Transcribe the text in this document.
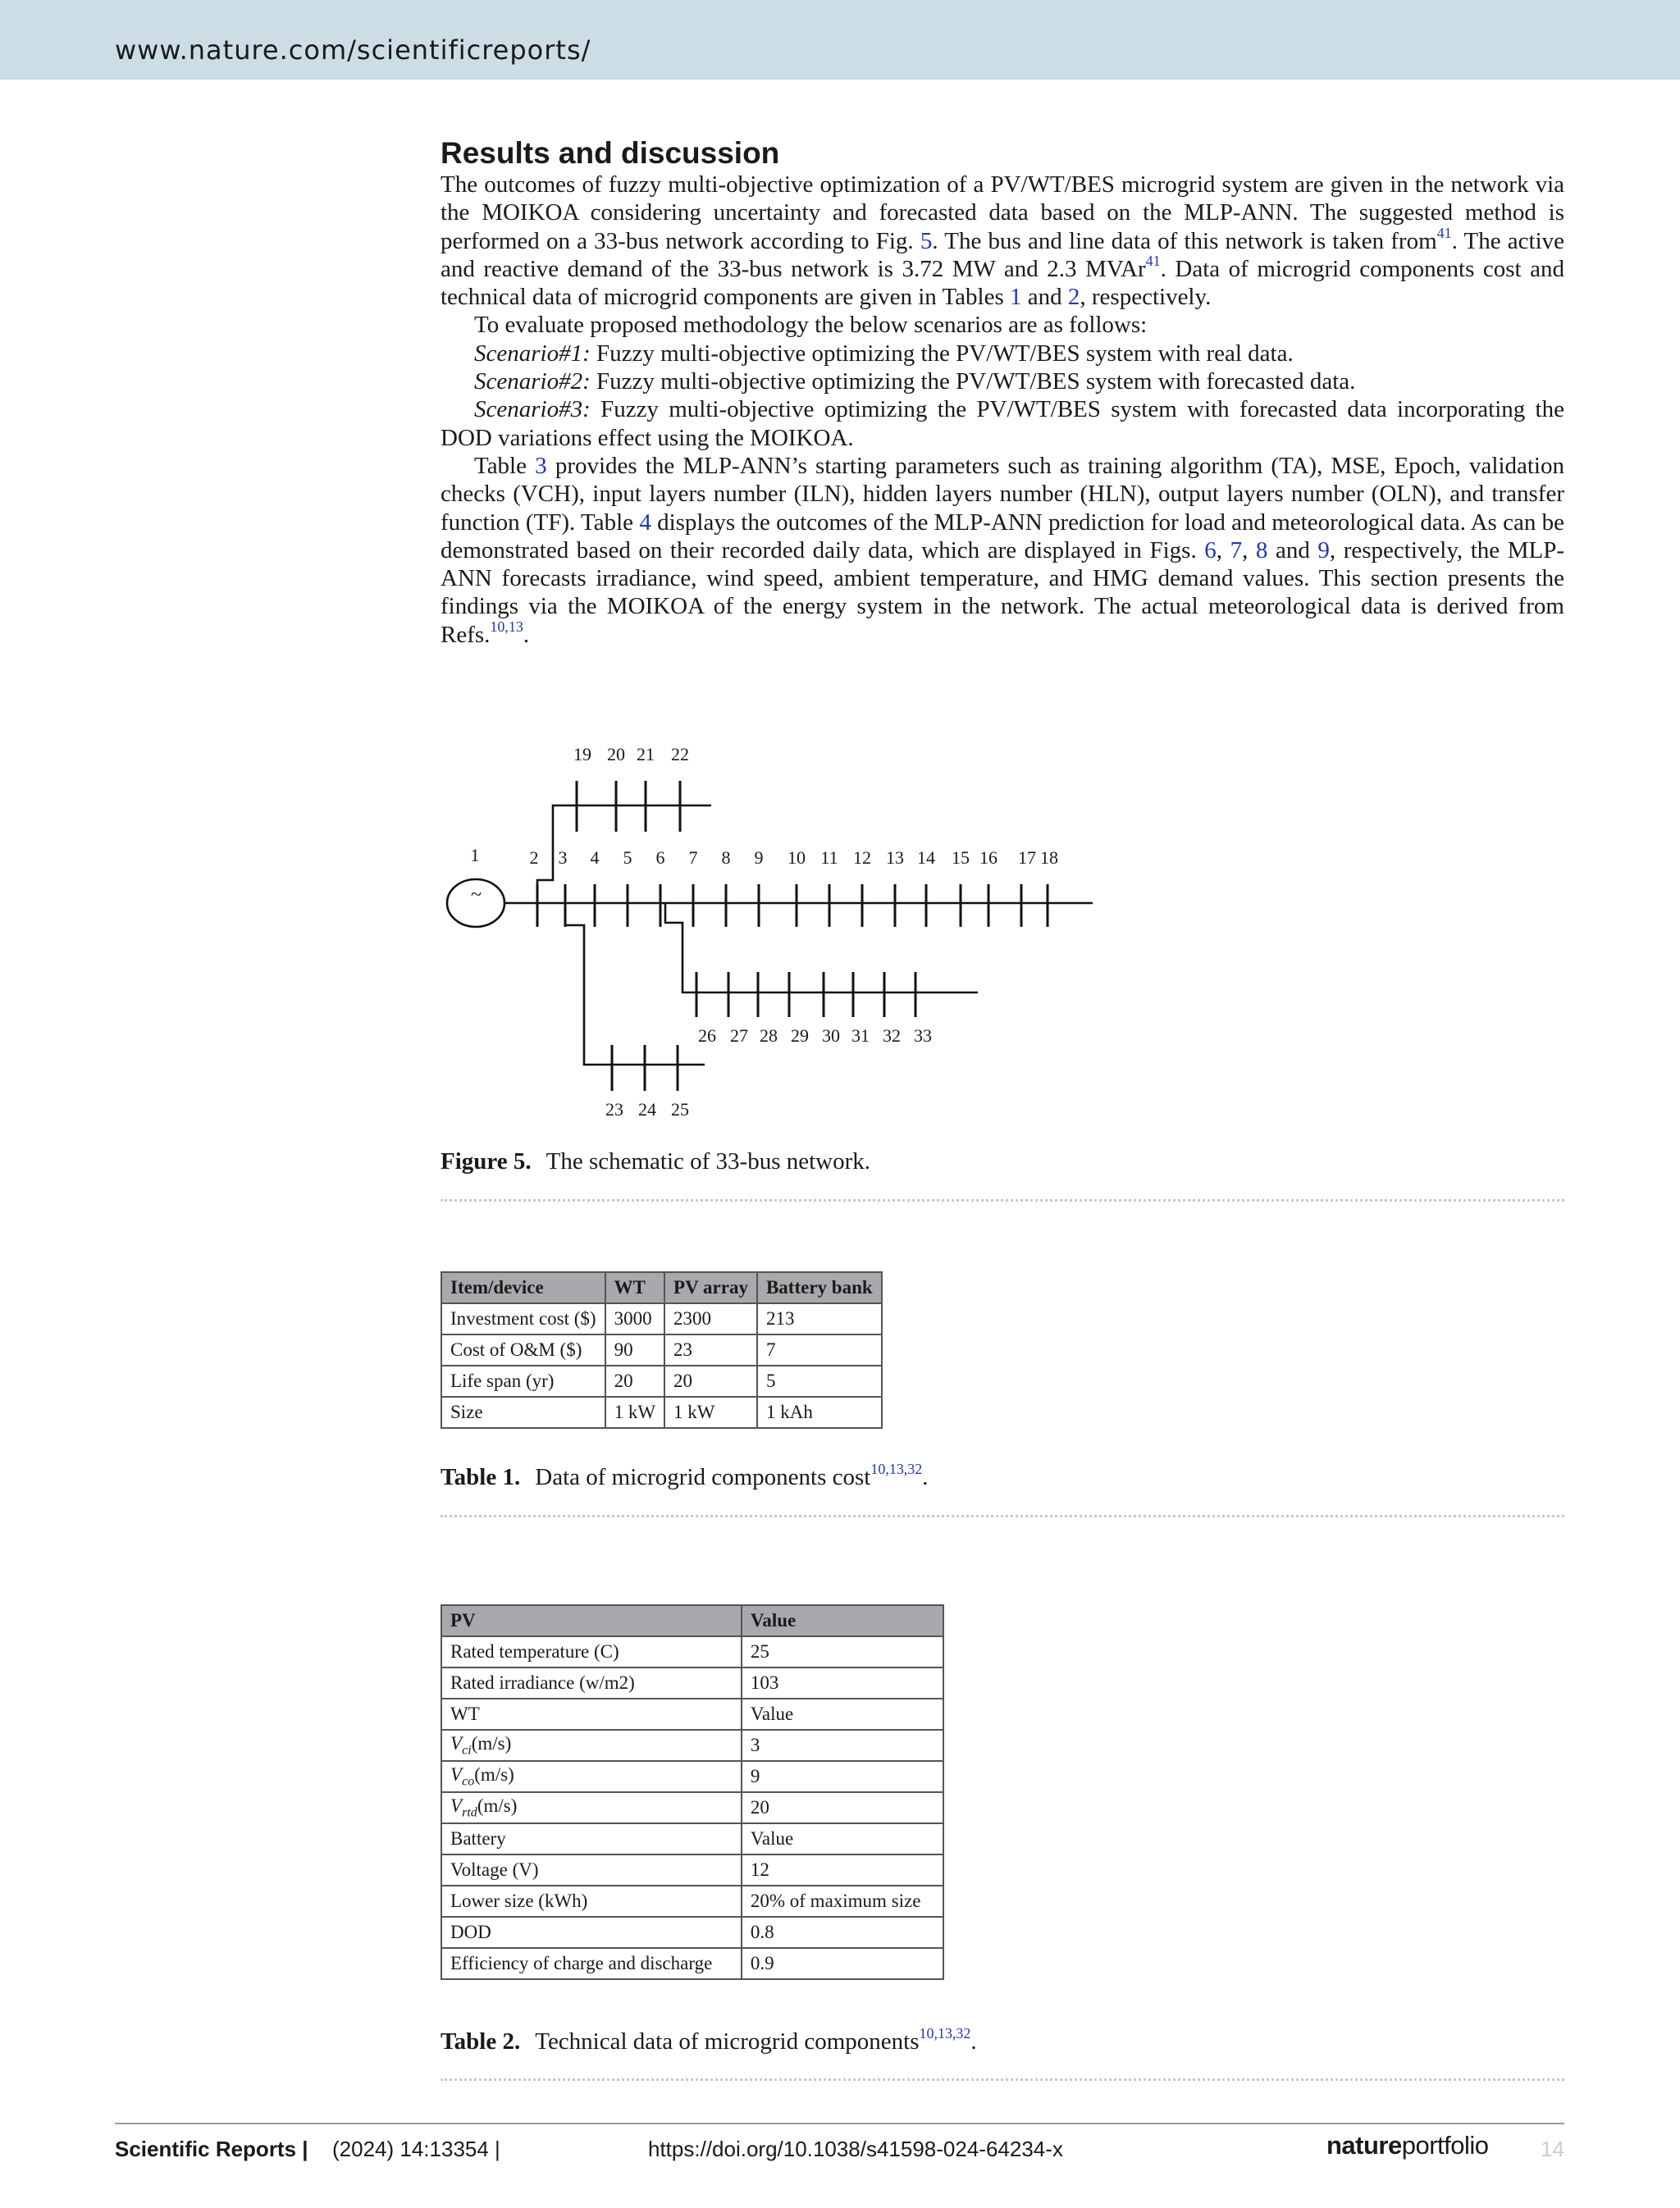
www.nature.com/scientificreports/
Results and discussion

The outcomes of fuzzy multi-objective optimization of a PV/WT/BES microgrid system are given in the network via the MOIKOA considering uncertainty and forecasted data based on the MLP-ANN. The suggested method is performed on a 33-bus network according to Fig. 5. The bus and line data of this network is taken from$^{41}$. The active and reactive demand of the 33-bus network is 3.72 MW and 2.3 MVAr$^{41}$. Data of microgrid components cost and technical data of microgrid components are given in Tables 1 and 2, respectively.

To evaluate proposed methodology the below scenarios are as follows:

Scenario#1: Fuzzy multi-objective optimizing the PV/WT/BES system with real data.

Scenario#2: Fuzzy multi-objective optimizing the PV/WT/BES system with forecasted data.

Scenario#3: Fuzzy multi-objective optimizing the PV/WT/BES system with forecasted data incorporating the DOD variations effect using the MOIKOA.

Table 3 provides the MLP-ANN’s starting parameters such as training algorithm (TA), MSE, Epoch, validation checks (VCH), input layers number (ILN), hidden layers number (HLN), output layers number (OLN), and transfer function (TF). Table 4 displays the outcomes of the MLP-ANN prediction for load and meteorological data. As can be demonstrated based on their recorded daily data, which are displayed in Figs. 6, 7, 8 and 9, respectively, the MLP-ANN forecasts irradiance, wind speed, ambient temperature, and HMG demand values. This section presents the findings via the MOIKOA of the energy system in the network. The actual meteorological data is derived from Refs.$^{10,13}$.

1	2 3 4 5 6 7 8 9 10 11 12 13 14 15 16 17 18
19 20 21 22
26 27 28 29 30 31 32 33
23 24 25
~
Figure 5. The schematic of 33-bus network.
Item/device	WT	PV array	Battery bank
Investment cost ($)	3000	2300	213
Cost of O&M ($)	90	23	7
Life span (yr)	20	20	5
Size	1 kW	1 kW	1 kAh
Table 1. Data of microgrid components cost$^{10,13,32}$.
PV	Value
Rated temperature (C)	25
Rated irradiance (w/m2)	103
WT	Value
$V_{ci}(m/s)$	3
$V_{co}(m/s)$	9
$V_{rtd}(m/s)$	20
Battery	Value
Voltage (V)	12
Lower size (kWh)	20% of maximum size
DOD	0.8
Efficiency of charge and discharge	0.9
Table 2. Technical data of microgrid components$^{10,13,32}$.
Scientific Reports | (2024) 14:13354 |	https://doi.org/10.1038/s41598-024-64234-x	natureportfolio 14
